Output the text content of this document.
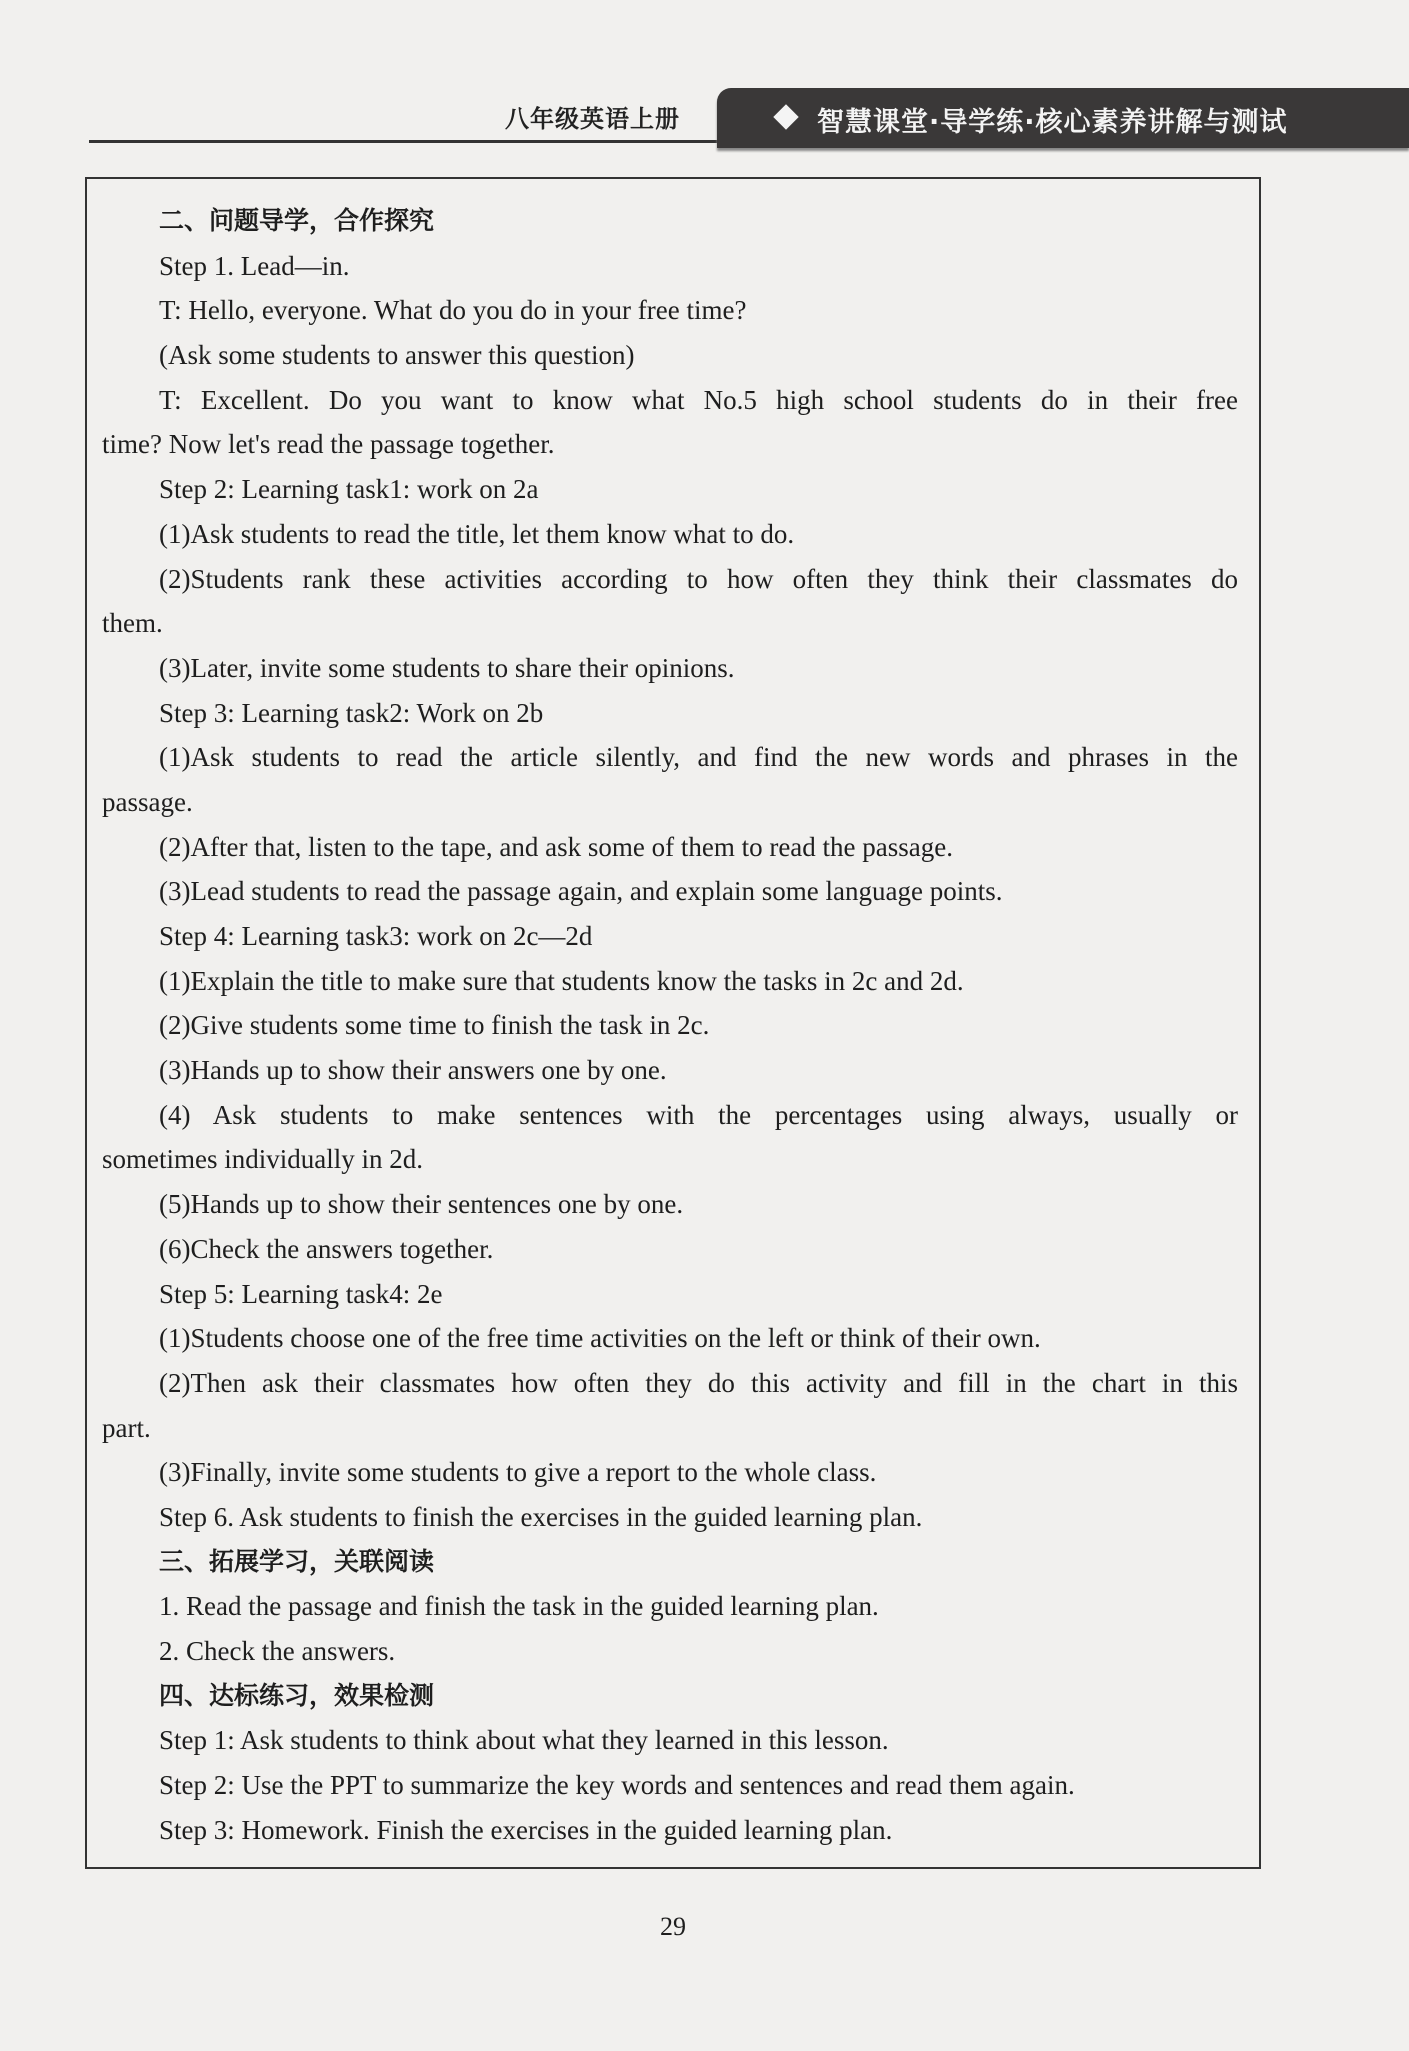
八年级英语上册	智慧课堂·导学练·核心素养讲解与测试
二、问题导学，合作探究
Step 1. Lead—in.
T: Hello, everyone. What do you do in your free time?
(Ask some students to answer this question)
T: Excellent. Do you want to know what No.5 high school students do in their free
time? Now let's read the passage together.
Step 2: Learning task1: work on 2a
(1)Ask students to read the title, let them know what to do.
(2)Students rank these activities according to how often they think their classmates do
them.
(3)Later, invite some students to share their opinions.
Step 3: Learning task2: Work on 2b
(1)Ask students to read the article silently, and find the new words and phrases in the
passage.
(2)After that, listen to the tape, and ask some of them to read the passage.
(3)Lead students to read the passage again, and explain some language points.
Step 4: Learning task3: work on 2c—2d
(1)Explain the title to make sure that students know the tasks in 2c and 2d.
(2)Give students some time to finish the task in 2c.
(3)Hands up to show their answers one by one.
(4) Ask students to make sentences with the percentages using always, usually or
sometimes individually in 2d.
(5)Hands up to show their sentences one by one.
(6)Check the answers together.
Step 5: Learning task4: 2e
(1)Students choose one of the free time activities on the left or think of their own.
(2)Then ask their classmates how often they do this activity and fill in the chart in this
part.
(3)Finally, invite some students to give a report to the whole class.
Step 6. Ask students to finish the exercises in the guided learning plan.
三、拓展学习，关联阅读
1. Read the passage and finish the task in the guided learning plan.
2. Check the answers.
四、达标练习，效果检测
Step 1: Ask students to think about what they learned in this lesson.
Step 2: Use the PPT to summarize the key words and sentences and read them again.
Step 3: Homework. Finish the exercises in the guided learning plan.
29
